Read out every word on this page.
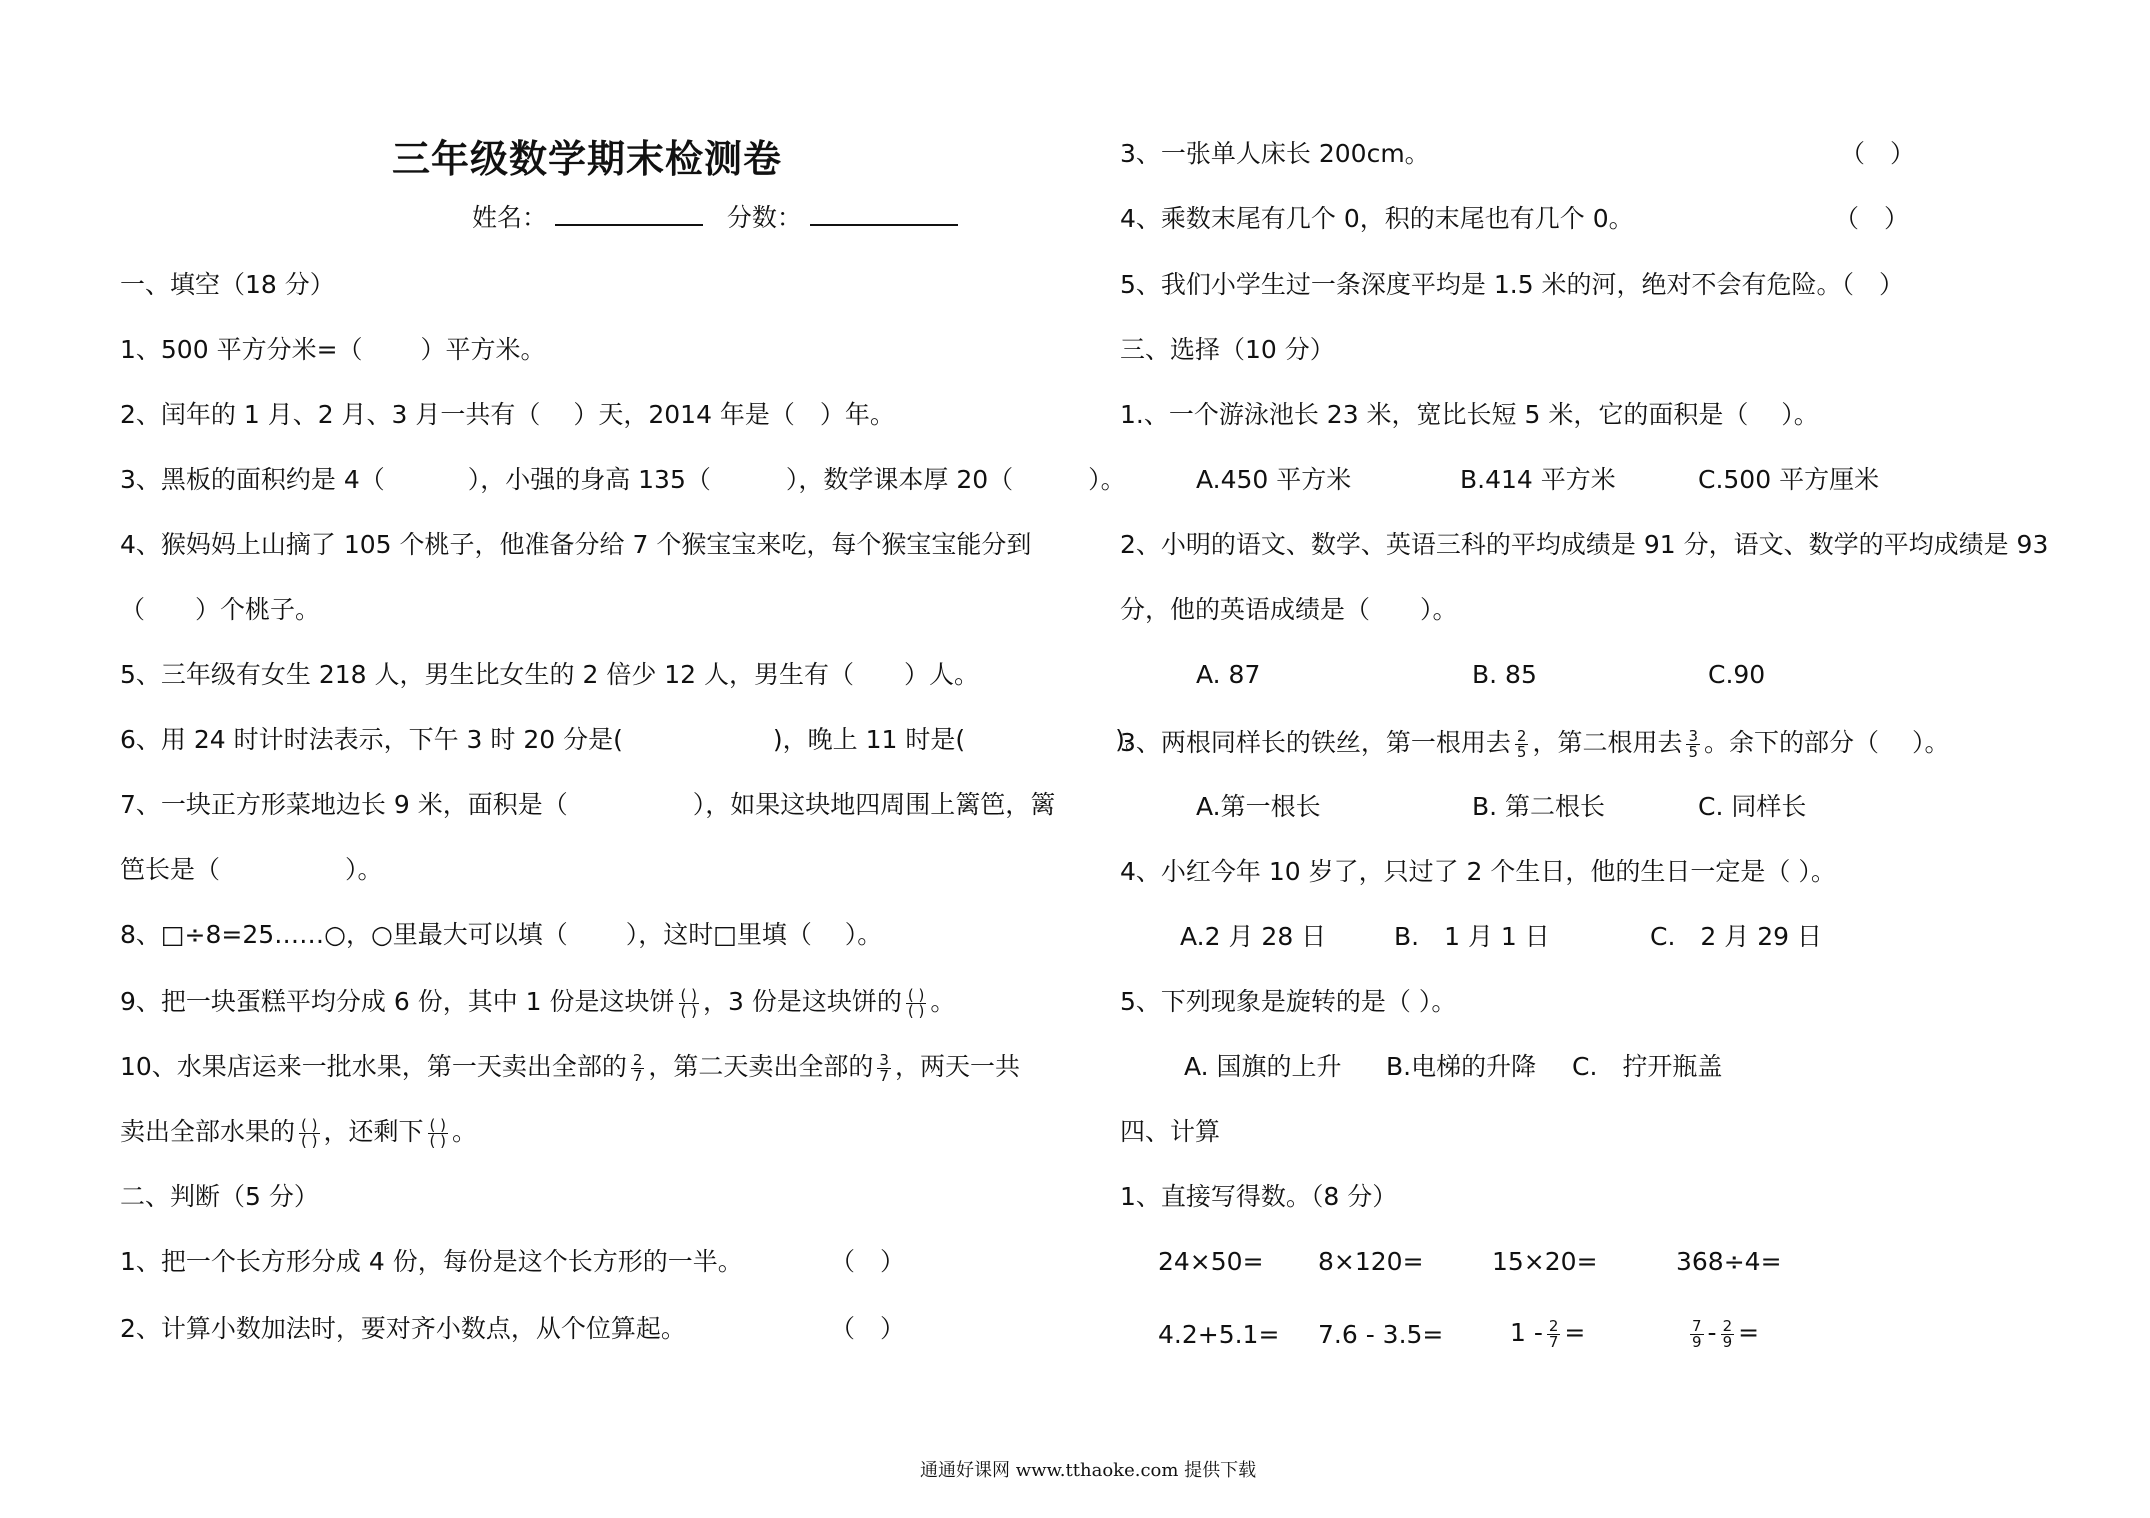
三年级数学期末检测卷
姓名：	分数：
一、填空（18 分）
1、500 平方分米=（　　 ）平方米。
2、闰年的 1 月、2 月、3 月一共有（　 ）天，2014 年是（　）年。
3、黑板的面积约是 4（　　　 ），小强的身高 135（　　　），数学课本厚 20（　　　）。
4、猴妈妈上山摘了 105 个桃子，他准备分给 7 个猴宝宝来吃，每个猴宝宝能分到
（　　）个桃子。
5、三年级有女生 218 人，男生比女生的 2 倍少 12 人，男生有（　　）人。
6、用 24 时计时法表示，下午 3 时 20 分是(　　　　　　)，晚上 11 时是(　　　　　　)。
7、一块正方形菜地边长 9 米，面积是（　　　　　），如果这块地四周围上篱笆，篱
笆长是（　　　　　）。
8、□÷8=25……○，○里最大可以填（　　 ），这时□里填（　 ）。
9、把一块蛋糕平均分成 6 份，其中 1 份是这块饼 $\frac{( )}{( )}$ ，3 份是这块饼的 $\frac{( )}{( )}$ 。
10、水果店运来一批水果，第一天卖出全部的 $\frac{2}{7}$ ，第二天卖出全部的 $\frac{3}{7}$ ，两天一共
卖出全部水果的 $\frac{( )}{( )}$ ，还剩下 $\frac{( )}{( )}$ 。
二、判断（5 分）
1、把一个长方形分成 4 份，每份是这个长方形的一半。	（　）
2、计算小数加法时，要对齐小数点，从个位算起。	（　）
3、一张单人床长 200cm。	（　）
4、乘数末尾有几个 0，积的末尾也有几个 0。	（　）
5、我们小学生过一条深度平均是 1.5 米的河，绝对不会有危险。（　）
三、选择（10 分）
1.、一个游泳池长 23 米，宽比长短 5 米，它的面积是（　 ）。
A.450 平方米	B.414 平方米	C.500 平方厘米
2、小明的语文、数学、英语三科的平均成绩是 91 分，语文、数学的平均成绩是 93
分，他的英语成绩是（　　）。
A. 87	B. 85	C.90
3、两根同样长的铁丝，第一根用去 $\frac{2}{5}$ ，第二根用去 $\frac{3}{5}$ 。余下的部分（　 ）。
A.第一根长	B. 第二根长	C. 同样长
4、小红今年 10 岁了，只过了 2 个生日，他的生日一定是（ ）。
A.2 月 28 日	B.　1 月 1 日	C.　2 月 29 日
5、下列现象是旋转的是（ ）。
A. 国旗的上升 B.电梯的升降 C.　拧开瓶盖
四、计算
1、直接写得数。（8 分）
24×50= 8×120=	15×20=	368÷4=
4.2+5.1= 7.6 - 3.5=	$1 - \frac{2}{7}$ =	$\frac{7}{9} - \frac{2}{9}$ =
通通好课网 www.tthaoke.com 提供下载
